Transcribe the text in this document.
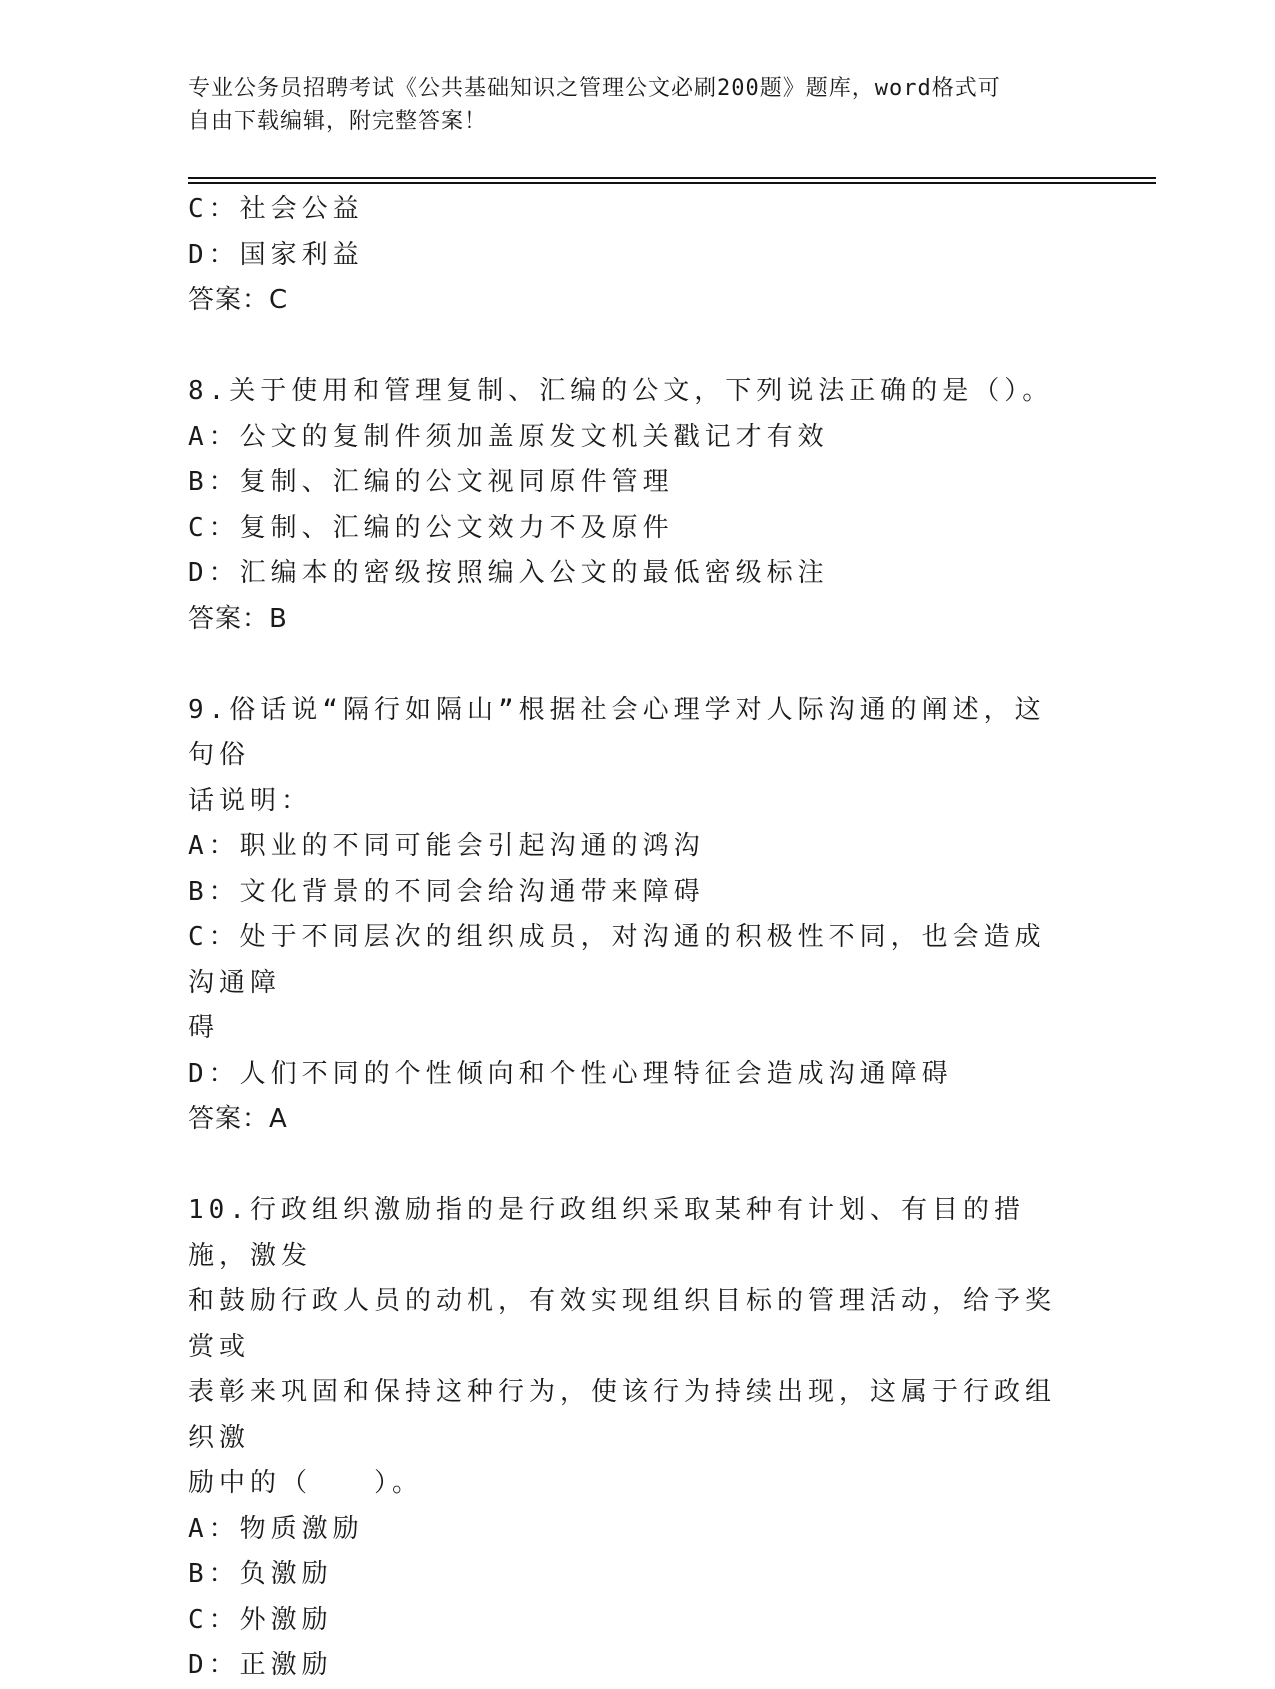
专业公务员招聘考试《公共基础知识之管理公文必刷200题》题库，word格式可

自由下载编辑，附完整答案！

C：社会公益

D：国家利益

答案：C

8.关于使用和管理复制、汇编的公文，下列说法正确的是（）。

A：公文的复制件须加盖原发文机关戳记才有效

B：复制、汇编的公文视同原件管理

C：复制、汇编的公文效力不及原件

D：汇编本的密级按照编入公文的最低密级标注

答案：B

9.俗话说“隔行如隔山”根据社会心理学对人际沟通的阐述，这句俗

话说明：

A：职业的不同可能会引起沟通的鸿沟

B：文化背景的不同会给沟通带来障碍

C：处于不同层次的组织成员，对沟通的积极性不同，也会造成沟通障

碍

D：人们不同的个性倾向和个性心理特征会造成沟通障碍

答案：A

10.行政组织激励指的是行政组织采取某种有计划、有目的措施，激发

和鼓励行政人员的动机，有效实现组织目标的管理活动，给予奖赏或

表彰来巩固和保持这种行为，使该行为持续出现，这属于行政组织激

励中的（　　）。

A：物质激励

B：负激励

C：外激励

D：正激励
